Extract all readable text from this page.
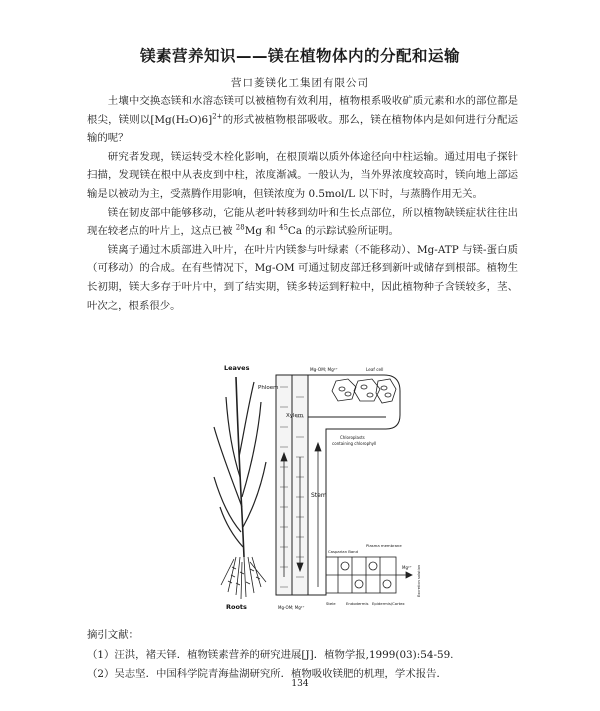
镁素营养知识——镁在植物体内的分配和运输
营口菱镁化工集团有限公司

土壤中交换态镁和水溶态镁可以被植物有效利用，植物根系吸收矿质元素和水的部位都是根尖，镁则以$[Mg(H_2O)6]^{2+}$的形式被植物根部吸收。那么，镁在植物体内是如何进行分配运输的呢？

研究者发现，镁运转受木栓化影响，在根顶端以质外体途径向中柱运输。通过用电子探针扫描，发现镁在根中从表皮到中柱，浓度渐减。一般认为，当外界浓度较高时，镁向地上部运输是以被动为主，受蒸腾作用影响，但镁浓度为 0.5mol/L 以下时，与蒸腾作用无关。

镁在韧皮部中能够移动，它能从老叶转移到幼叶和生长点部位，所以植物缺镁症状往往出现在较老点的叶片上，这点已被 $^{28}$Mg 和 $^{45}$Ca 的示踪试验所证明。

镁离子通过木质部进入叶片，在叶片内镁参与叶绿素（不能移动）、Mg-ATP 与镁-蛋白质（可移动）的合成。在有些情况下，Mg-OM 可通过韧皮部迁移到新叶或储存到根部。植物生长初期，镁大多存于叶片中，到了结实期，镁多转运到籽粒中，因此植物种子含镁较多，茎、叶次之，根系很少。

Leaves
Phloem
Xylem
Stem
Roots
Mg-OM; Mg²⁺	Leaf cell
Chloroplasts
containing chlorophyll
Casparian Band
Plasma membrane
Mg-OM; Mg²⁺
Mg²⁺ Excretion solution
Stele	Endodermis Epidermis/Cortex
摘引文献：
（1）汪洪，褚天铎．植物镁素营养的研究进展[J]．植物学报,1999(03):54-59.
（2）吴志坚．中国科学院青海盐湖研究所．植物吸收镁肥的机理，学术报告．
134
